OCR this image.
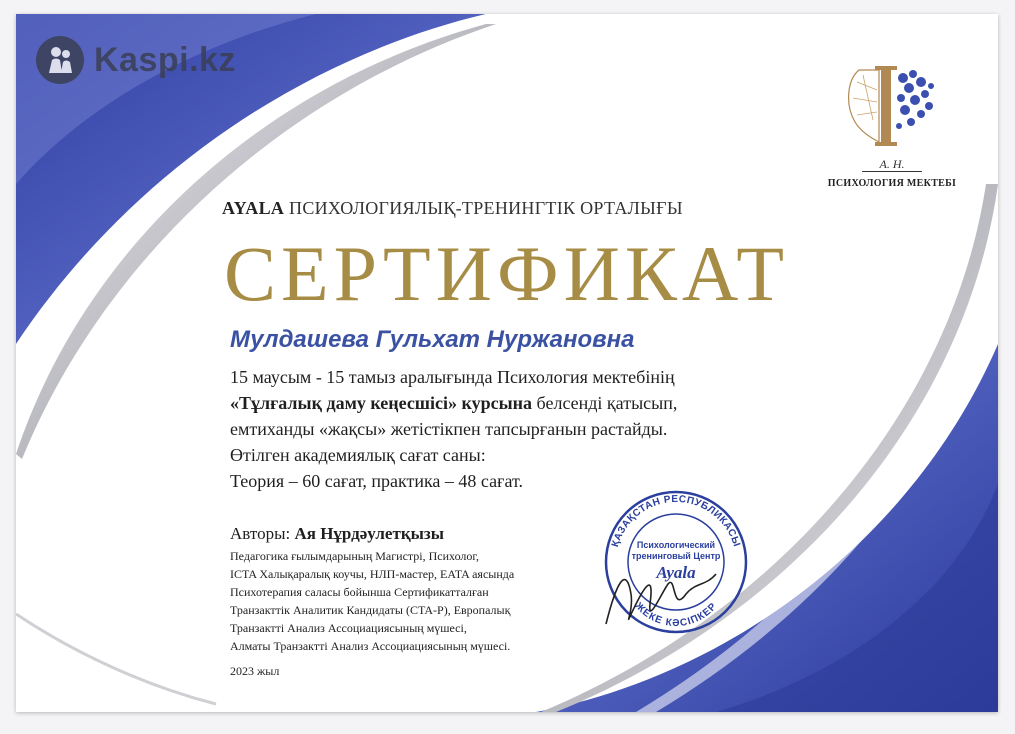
Kaspi.kz
А. Н.
ПСИХОЛОГИЯ МЕКТЕБІ
AYALA ПСИХОЛОГИЯЛЫҚ-ТРЕНИНГТІК ОРТАЛЫҒЫ
СЕРТИФИКАТ
Мулдашева Гульхат Нуржановна
15 маусым - 15 тамыз аралығында Психология мектебінің
«Тұлғалық даму кеңесшісі» курсына белсенді қатысып,
емтиханды «жақсы» жетістікпен тапсырғанын растайды.
Өтілген академиялық сағат саны:
Теория – 60 сағат, практика – 48 сағат.
Авторы: Ая Нұрдәулетқызы
Педагогика ғылымдарының Магистрі, Психолог,
ICTA Халықаралық коучы, НЛП-мастер, EATA аясында
Психотерапия саласы бойынша Сертификатталған
Транзакттік Аналитик Кандидаты (CTA-P), Европалық
Транзактті Анализ Ассоциациясының мүшесі,
Алматы Транзактті Анализ Ассоциациясының мүшесі.
2023 жыл
ҚАЗАҚСТАН РЕСПУБЛИКАСЫ
ЖЕКЕ КӘСІПКЕР
Психологический
тренинговый Центр
Ayala
